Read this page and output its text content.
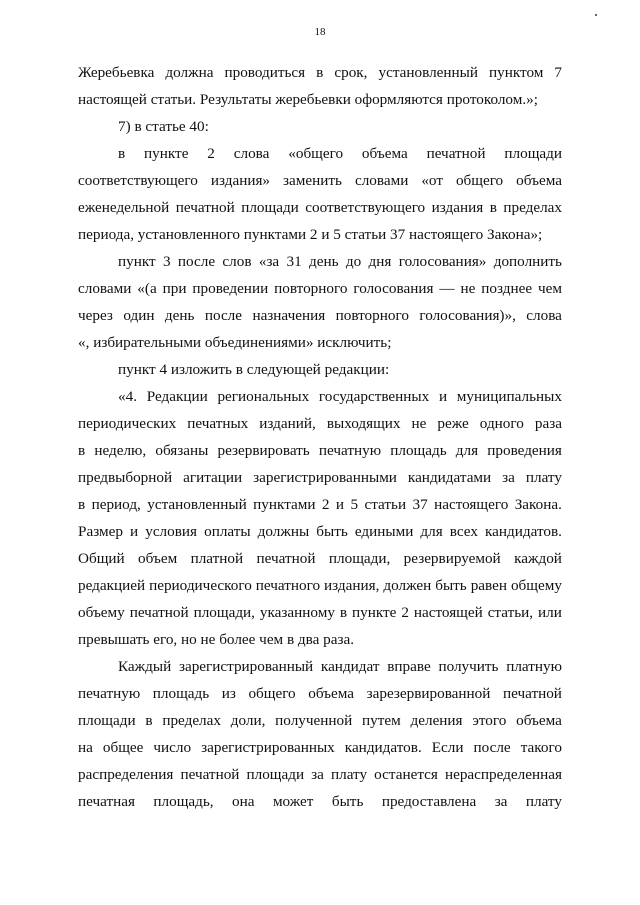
18
Жеребьевка должна проводиться в срок, установленный пунктом 7
настоящей статьи. Результаты жеребьевки оформляются протоколом.»;
7) в статье 40:
в пункте 2 слова «общего объема печатной площади
соответствующего издания» заменить словами «от общего объема
еженедельной печатной площади соответствующего издания в пределах
периода, установленного пунктами 2 и 5 статьи 37 настоящего Закона»;
пункт 3 после слов «за 31 день до дня голосования» дополнить
словами «(а при проведении повторного голосования — не позднее чем
через один день после назначения повторного голосования)», слова
«, избирательными объединениями» исключить;
пункт 4 изложить в следующей редакции:
«4. Редакции региональных государственных и муниципальных
периодических печатных изданий, выходящих не реже одного раза
в неделю, обязаны резервировать печатную площадь для проведения
предвыборной агитации зарегистрированными кандидатами за плату
в период, установленный пунктами 2 и 5 статьи 37 настоящего Закона.
Размер и условия оплаты должны быть едиными для всех кандидатов.
Общий объем платной печатной площади, резервируемой каждой
редакцией периодического печатного издания, должен быть равен общему
объему печатной площади, указанному в пункте 2 настоящей статьи, или
превышать его, но не более чем в два раза.
Каждый зарегистрированный кандидат вправе получить платную
печатную площадь из общего объема зарезервированной печатной
площади в пределах доли, полученной путем деления этого объема
на общее число зарегистрированных кандидатов. Если после такого
распределения печатной площади за плату останется нераспределенная
печатная площадь, она может быть предоставлена за плату
